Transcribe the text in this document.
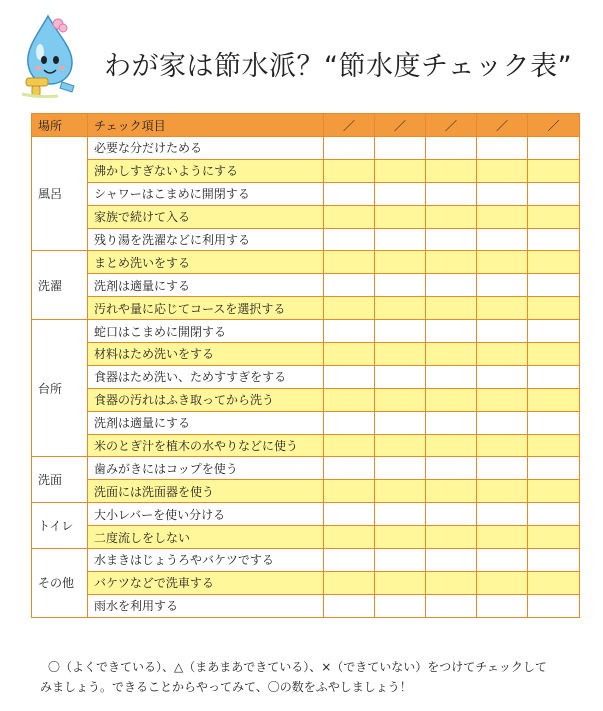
わが家は節水派？“節水度チェック表”
場所	チェック項目	／	／	／	／	／
風呂	必要な分だけためる					
	沸かしすぎないようにする					
	シャワーはこまめに開閉する					
	家族で続けて入る					
	残り湯を洗濯などに利用する					
洗濯	まとめ洗いをする					
	洗剤は適量にする					
	汚れや量に応じてコースを選択する					
台所	蛇口はこまめに開閉する					
	材料はため洗いをする					
	食器はため洗い、ためすすぎをする					
	食器の汚れはふき取ってから洗う					
	洗剤は適量にする					
	米のとぎ汁を植木の水やりなどに使う					
洗面	歯みがきにはコップを使う					
	洗面には洗面器を使う					
トイレ	大小レバーを使い分ける					
	二度流しをしない					
その他	水まきはじょうろやバケツでする					
	バケツなどで洗車する					
	雨水を利用する					

〇（よくできている）、△（まあまあできている）、×（できていない）をつけてチェックして

みましょう。できることからやってみて、〇の数をふやしましょう！
